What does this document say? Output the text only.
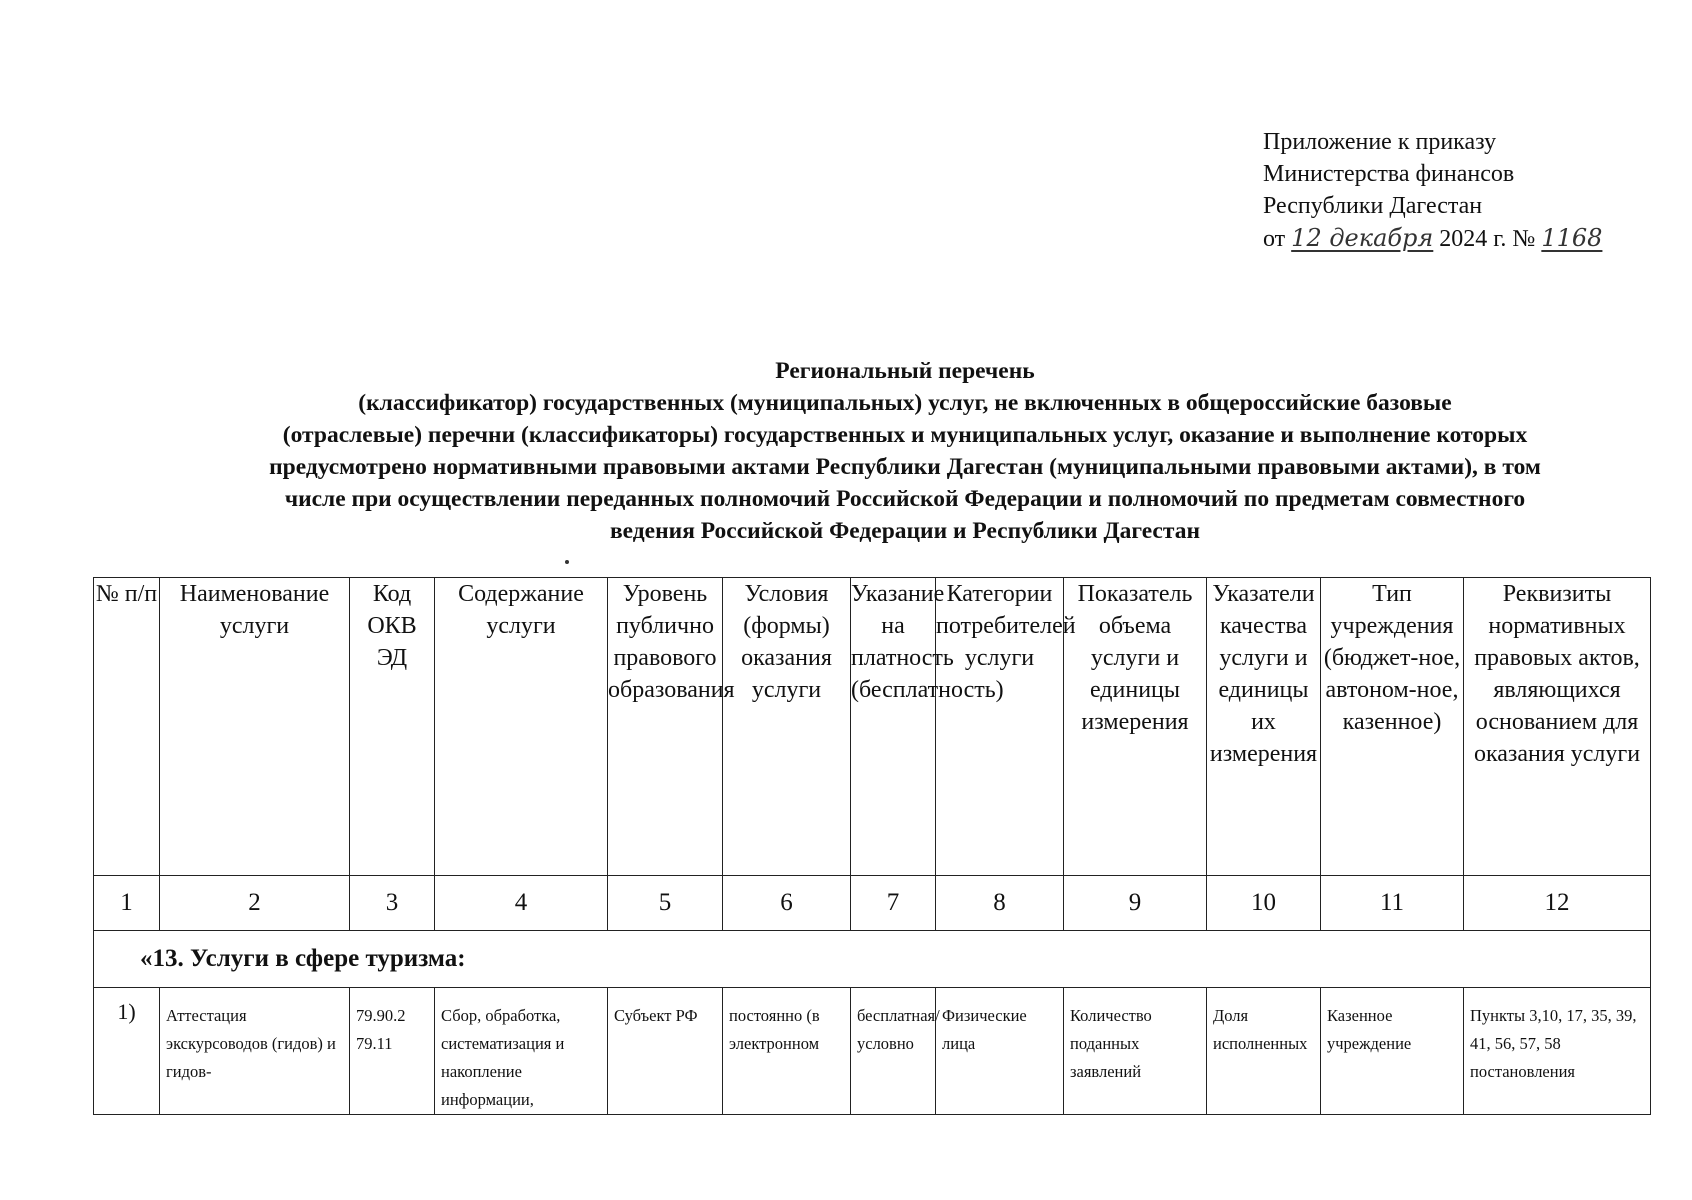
Приложение к приказу
Министерства финансов
Республики Дагестан
от 12 декабря 2024 г. № 1168
Региональный перечень
(классификатор) государственных (муниципальных) услуг, не включенных в общероссийские базовые
(отраслевые) перечни (классификаторы) государственных и муниципальных услуг, оказание и выполнение которых
предусмотрено нормативными правовыми актами Республики Дагестан (муниципальными правовыми актами), в том
числе при осуществлении переданных полномочий Российской Федерации и полномочий по предметам совместного
ведения Российской Федерации и Республики Дагестан
№ п/п	Наименование услуги	Код ОКВ ЭД	Содержание услуги	Уровень публично правового образования	Условия (формы) оказания услуги	Указание на платность (бесплатность)	Категории потребителей услуги	Показатель объема услуги и единицы измерения	Указатели качества услуги и единицы их измерения	Тип учреждения (бюджет-ное, автоном-ное, казенное)	Реквизиты нормативных правовых актов, являющихся основанием для оказания услуги
1	2	3	4	5	6	7	8	9	10	11	12
«13. Услуги в сфере туризма:											
1)	Аттестация экскурсоводов (гидов) и гидов-	79.90.2 79.11	Сбор, обработка, систематизация и накопление информации,	Субъект РФ	постоянно (в электронном	бесплатная/условно	Физические лица	Количество поданных заявлений	Доля исполненных	Казенное учреждение	Пункты 3,10, 17, 35, 39, 41, 56, 57, 58 постановления
